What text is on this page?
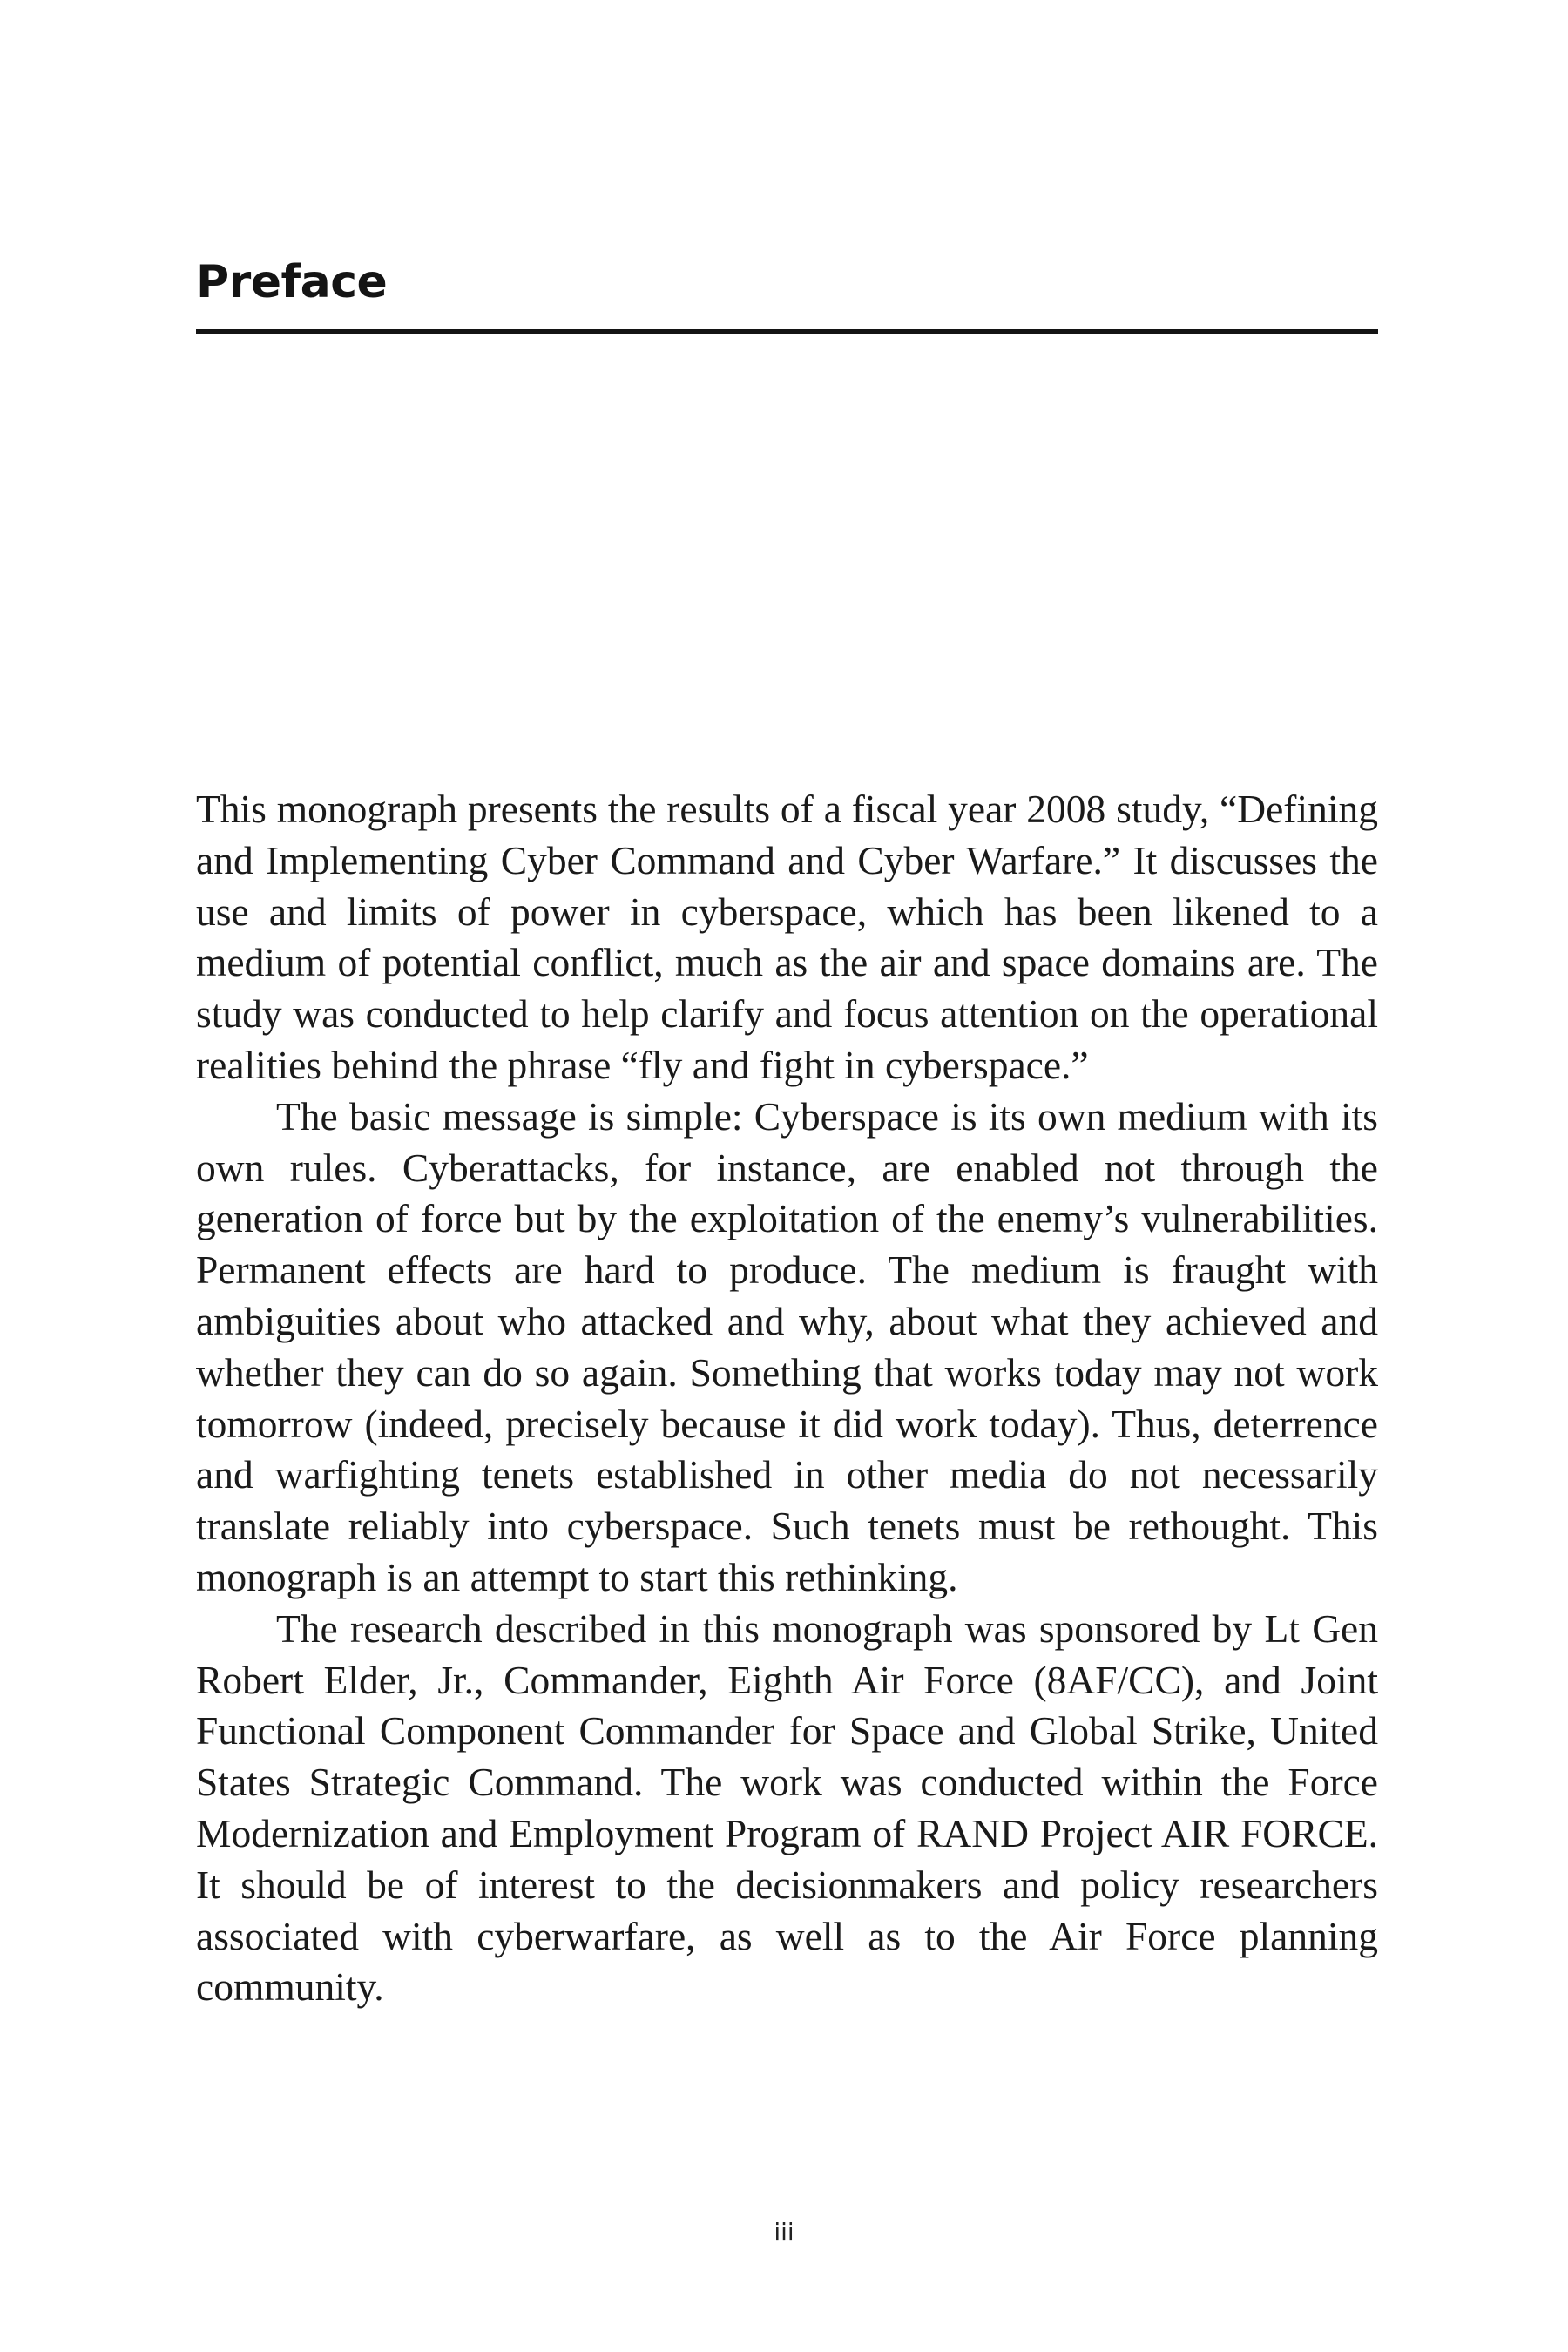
Preface

This monograph presents the results of a fiscal year 2008 study, “Defining and Implementing Cyber Command and Cyber Warfare.” It discusses the use and limits of power in cyberspace, which has been likened to a medium of potential conflict, much as the air and space domains are. The study was conducted to help clarify and focus attention on the operational realities behind the phrase “fly and fight in cyberspace.”

The basic message is simple: Cyberspace is its own medium with its own rules. Cyberattacks, for instance, are enabled not through the generation of force but by the exploitation of the enemy’s vulnerabilities. Permanent effects are hard to produce. The medium is fraught with ambiguities about who attacked and why, about what they achieved and whether they can do so again. Something that works today may not work tomorrow (indeed, precisely because it did work today). Thus, deterrence and warfighting tenets established in other media do not necessarily translate reliably into cyberspace. Such tenets must be rethought. This monograph is an attempt to start this rethinking.

The research described in this monograph was sponsored by Lt Gen Robert Elder, Jr., Commander, Eighth Air Force (8AF/CC), and Joint Functional Component Commander for Space and Global Strike, United States Strategic Command. The work was conducted within the Force Modernization and Employment Program of RAND Project AIR FORCE. It should be of interest to the decisionmakers and policy researchers associated with cyberwarfare, as well as to the Air Force planning community.

iii
